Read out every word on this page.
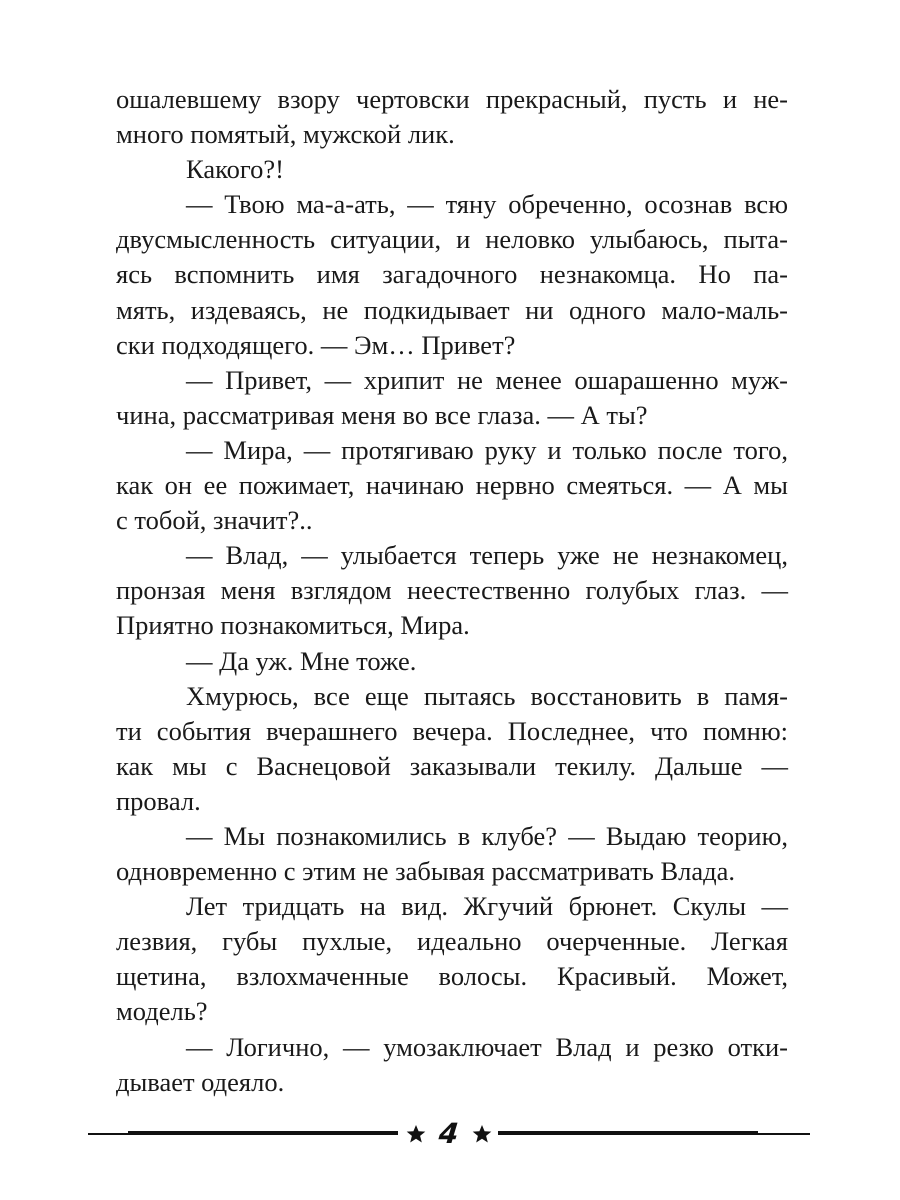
ошалевшему взору чертовски прекрасный, пусть и не-
много помятый, мужской лик.
Какого?!
— Твою ма-а-ать, — тяну обреченно, осознав всю
двусмысленность ситуации, и неловко улыбаюсь, пыта-
ясь вспомнить имя загадочного незнакомца. Но па-
мять, издеваясь, не подкидывает ни одного мало-маль-
ски подходящего. — Эм… Привет?
— Привет, — хрипит не менее ошарашенно муж-
чина, рассматривая меня во все глаза. — А ты?
— Мира, — протягиваю руку и только после того,
как он ее пожимает, начинаю нервно смеяться. — А мы
с тобой, значит?..
— Влад, — улыбается теперь уже не незнакомец,
пронзая меня взглядом неестественно голубых глаз. —
Приятно познакомиться, Мира.
— Да уж. Мне тоже.
Хмурюсь, все еще пытаясь восстановить в памя-
ти события вчерашнего вечера. Последнее, что помню:
как мы с Васнецовой заказывали текилу. Дальше —
провал.
— Мы познакомились в клубе? — Выдаю теорию,
одновременно с этим не забывая рассматривать Влада.
Лет тридцать на вид. Жгучий брюнет. Скулы —
лезвия, губы пухлые, идеально очерченные. Легкая
щетина, взлохмаченные волосы. Красивый. Может,
модель?
— Логично, — умозаключает Влад и резко отки-
дывает одеяло.
4
